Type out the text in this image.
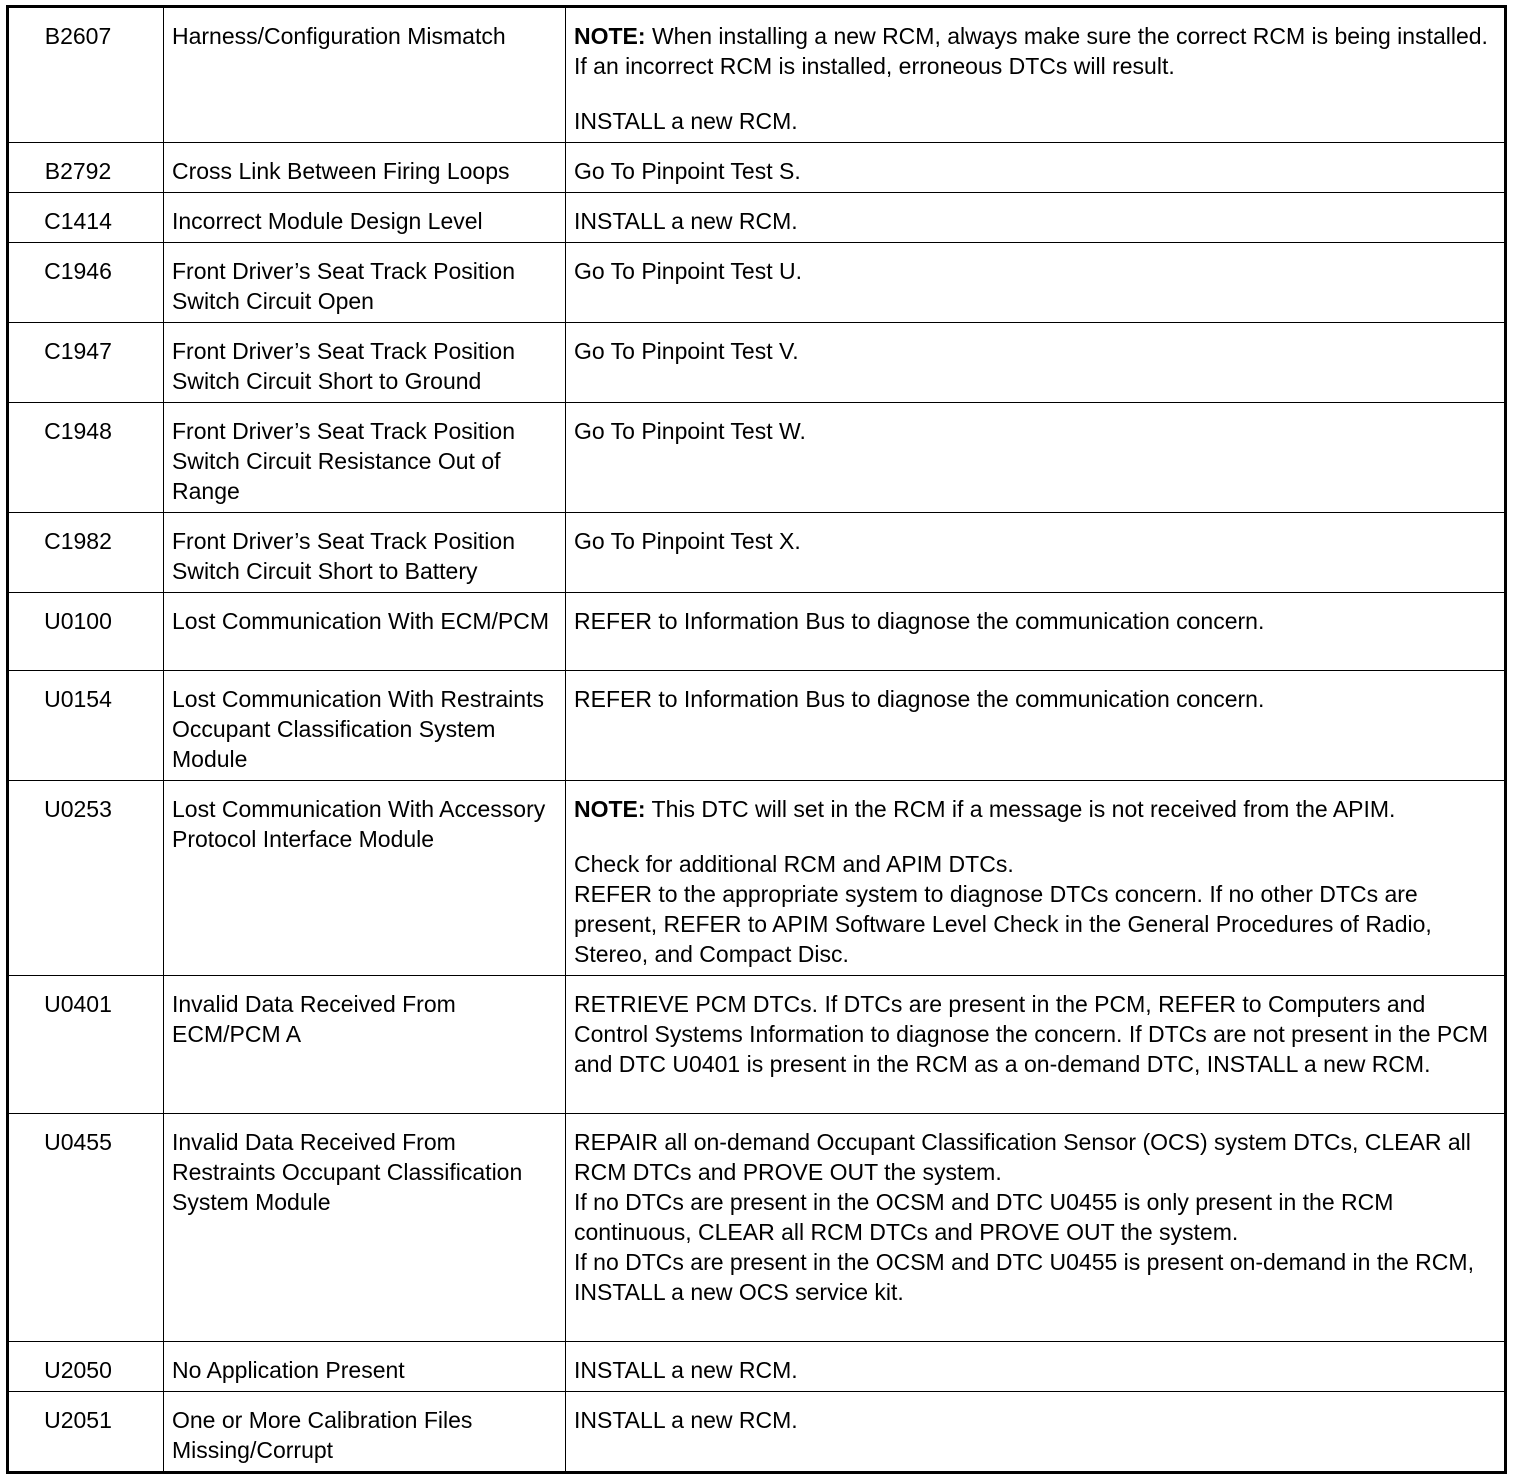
B2607	Harness/Configuration Mismatch	NOTE: When installing a new RCM, always make sure the correct RCM is being installed. If an incorrect RCM is installed, erroneous DTCs will result.

INSTALL a new RCM.

B2792	Cross Link Between Firing Loops	Go To Pinpoint Test S.

C1414	Incorrect Module Design Level	INSTALL a new RCM.

C1946	Front Driver’s Seat Track Position Switch Circuit Open	Go To Pinpoint Test U.

C1947	Front Driver’s Seat Track Position Switch Circuit Short to Ground	Go To Pinpoint Test V.

C1948	Front Driver’s Seat Track Position Switch Circuit Resistance Out of Range	Go To Pinpoint Test W.

C1982	Front Driver’s Seat Track Position Switch Circuit Short to Battery	Go To Pinpoint Test X.

U0100	Lost Communication With ECM/PCM	REFER to Information Bus to diagnose the communication concern.

U0154	Lost Communication With Restraints Occupant Classification System Module	REFER to Information Bus to diagnose the communication concern.

U0253	Lost Communication With Accessory Protocol Interface Module	NOTE: This DTC will set in the RCM if a message is not received from the APIM.

Check for additional RCM and APIM DTCs.

REFER to the appropriate system to diagnose DTCs concern. If no other DTCs are present, REFER to APIM Software Level Check in the General Procedures of Radio, Stereo, and Compact Disc.

U0401	Invalid Data Received From ECM/PCM A	RETRIEVE PCM DTCs. If DTCs are present in the PCM, REFER to Computers and Control Systems Information to diagnose the concern. If DTCs are not present in the PCM and DTC U0401 is present in the RCM as a on-demand DTC, INSTALL a new RCM.

U0455	Invalid Data Received From Restraints Occupant Classification System Module	REPAIR all on-demand Occupant Classification Sensor (OCS) system DTCs, CLEAR all RCM DTCs and PROVE OUT the system.

If no DTCs are present in the OCSM and DTC U0455 is only present in the RCM continuous, CLEAR all RCM DTCs and PROVE OUT the system.

If no DTCs are present in the OCSM and DTC U0455 is present on-demand in the RCM, INSTALL a new OCS service kit.

U2050	No Application Present	INSTALL a new RCM.

U2051	One or More Calibration Files Missing/Corrupt	INSTALL a new RCM.
